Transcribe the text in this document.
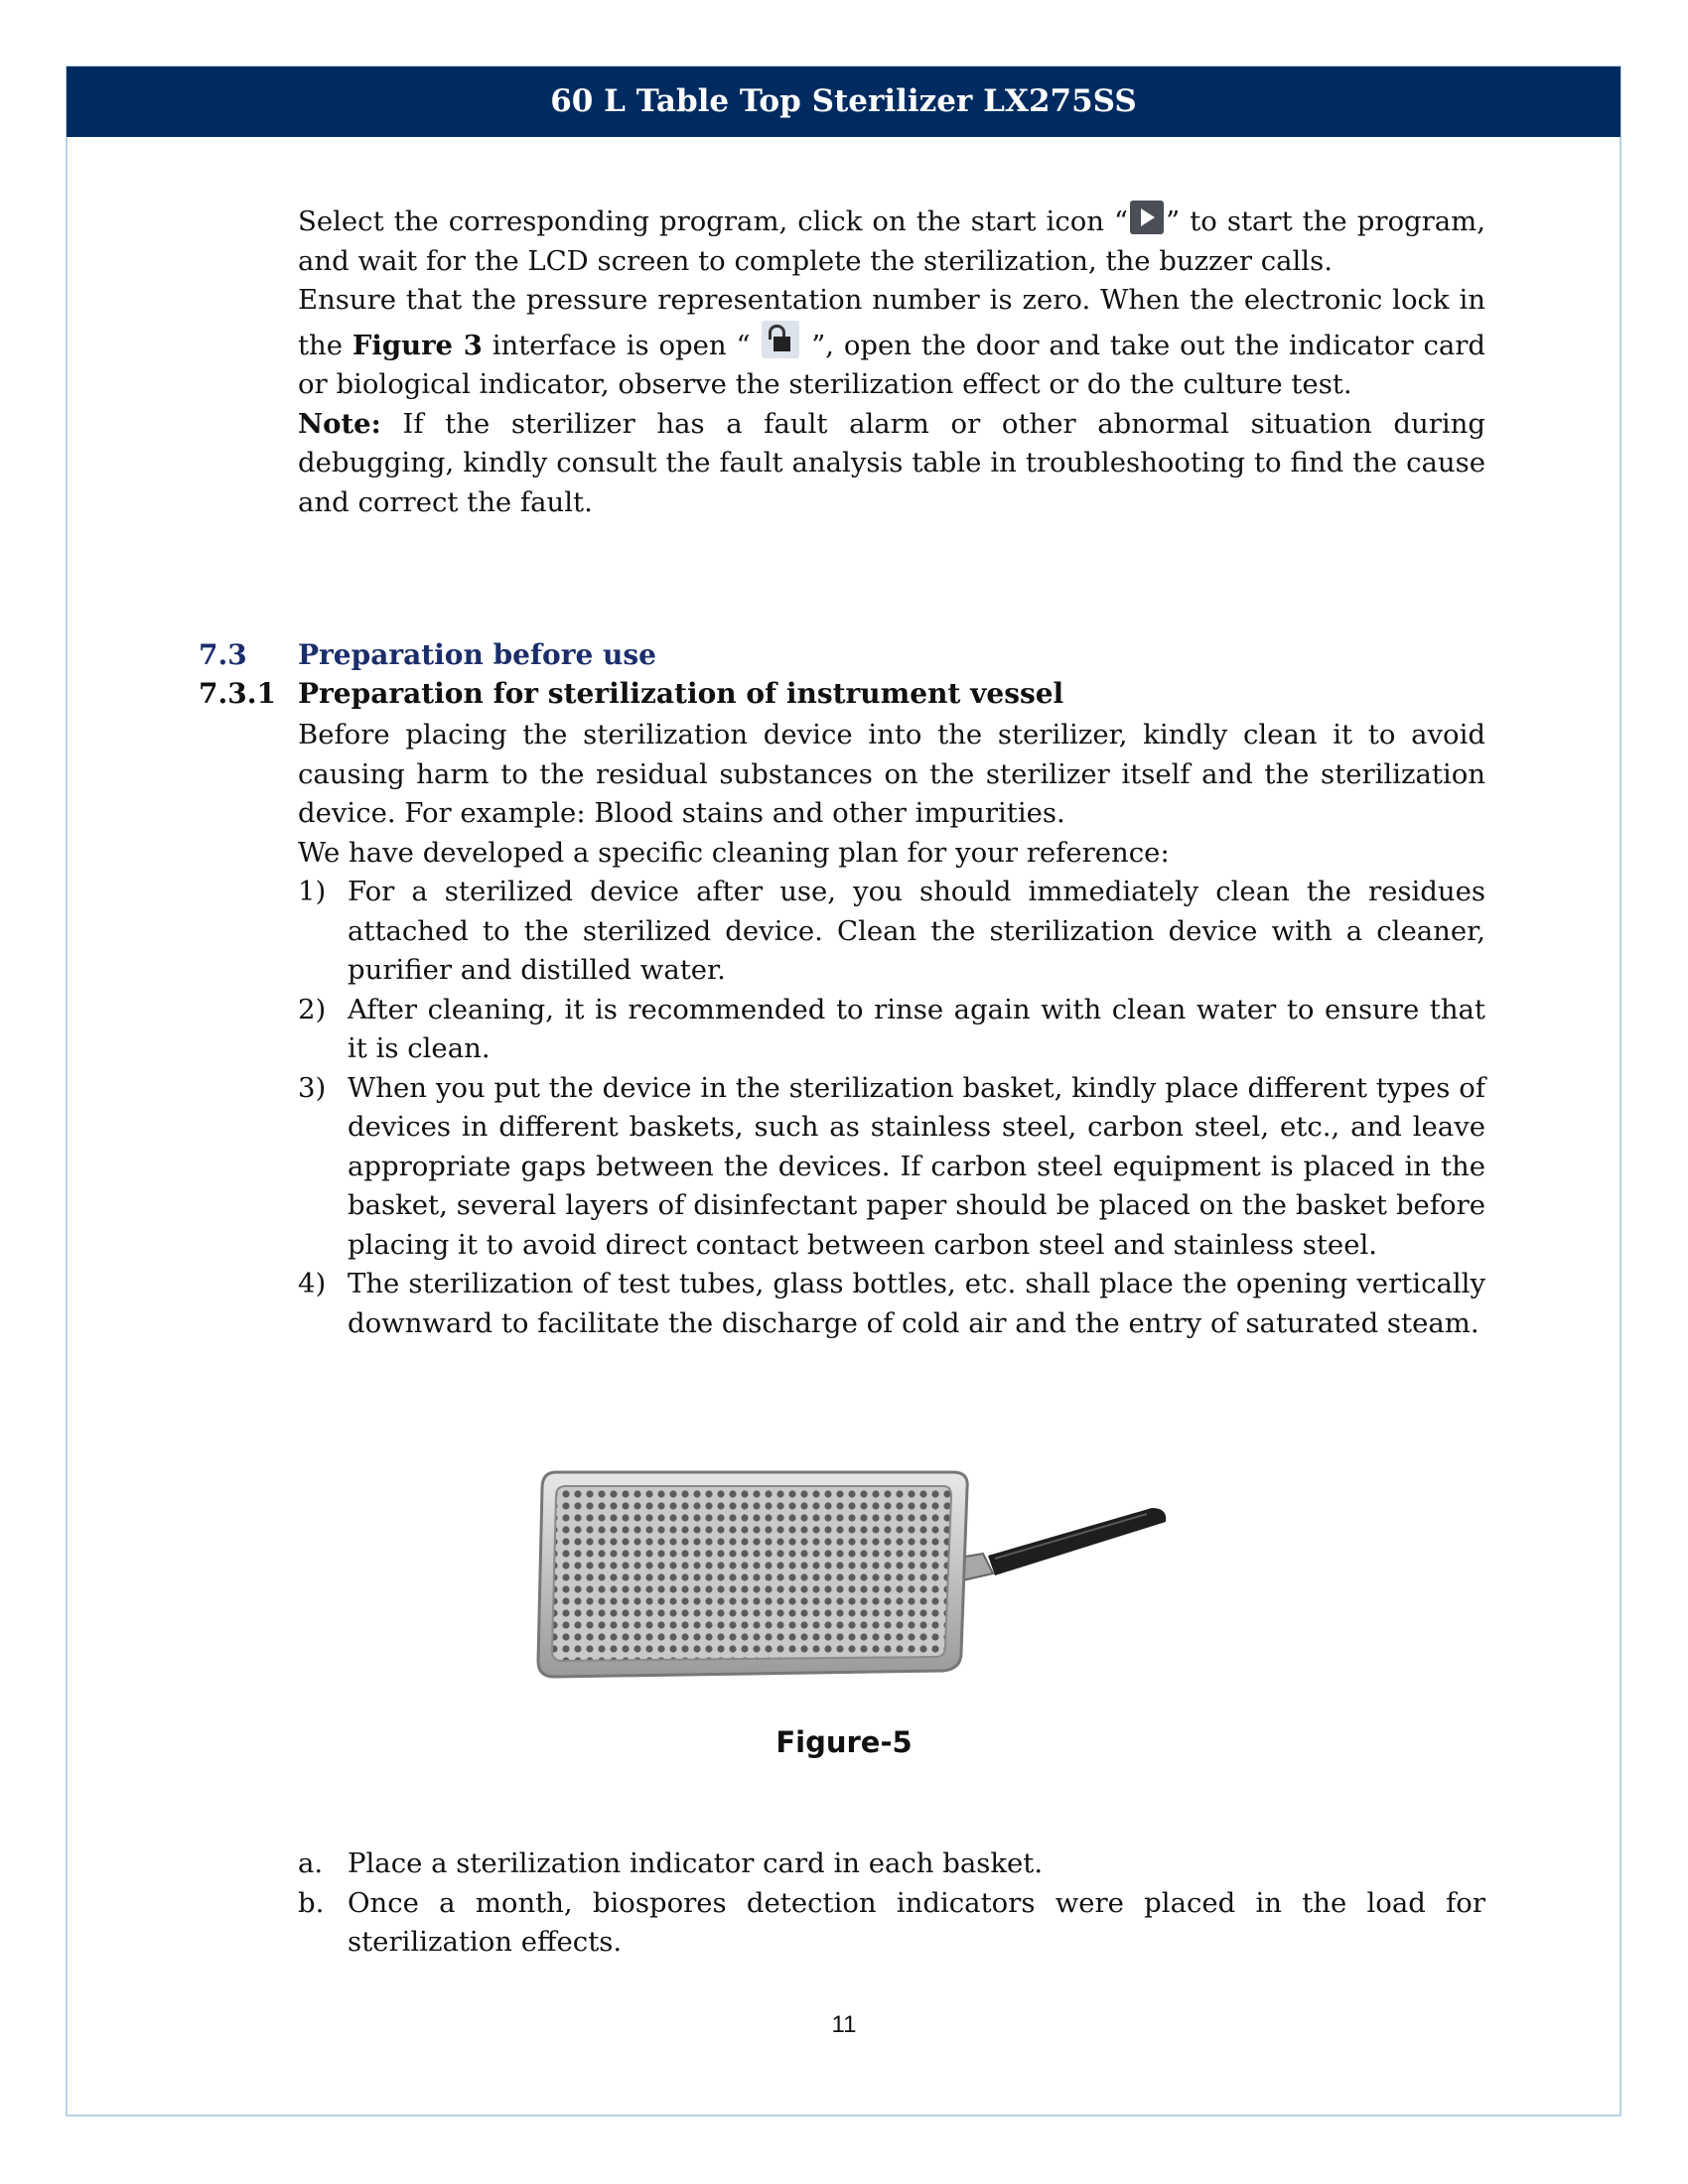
60 L Table Top Sterilizer LX275SS

Select the corresponding program, click on the start icon “ ” to start the program, and wait for the LCD screen to complete the sterilization, the buzzer calls.

Ensure that the pressure representation number is zero. When the electronic lock in the Figure 3 interface is open “
”, open the door and take out the indicator card or biological indicator, observe the sterilization effect or do the culture test.

Note: If the sterilizer has a fault alarm or other abnormal situation during debugging, kindly consult the fault analysis table in troubleshooting to find the cause and correct the fault.

7.3 Preparation before use
7.3.1 Preparation for sterilization of instrument vessel

Before placing the sterilization device into the sterilizer, kindly clean it to avoid causing harm to the residual substances on the sterilizer itself and the sterilization device. For example: Blood stains and other impurities.

We have developed a specific cleaning plan for your reference:

1) For a sterilized device after use, you should immediately clean the residues attached to the sterilized device. Clean the sterilization device with a cleaner, purifier and distilled water.
2) After cleaning, it is recommended to rinse again with clean water to ensure that it is clean.
3) When you put the device in the sterilization basket, kindly place different types of devices in different baskets, such as stainless steel, carbon steel, etc., and leave appropriate gaps between the devices. If carbon steel equipment is placed in the basket, several layers of disinfectant paper should be placed on the basket before placing it to avoid direct contact between carbon steel and stainless steel.
4) The sterilization of test tubes, glass bottles, etc. shall place the opening vertically downward to facilitate the discharge of cold air and the entry of saturated steam.
Figure-5
a. Place a sterilization indicator card in each basket.
b. Once a month, biospores detection indicators were placed in the load for sterilization effects.
11
